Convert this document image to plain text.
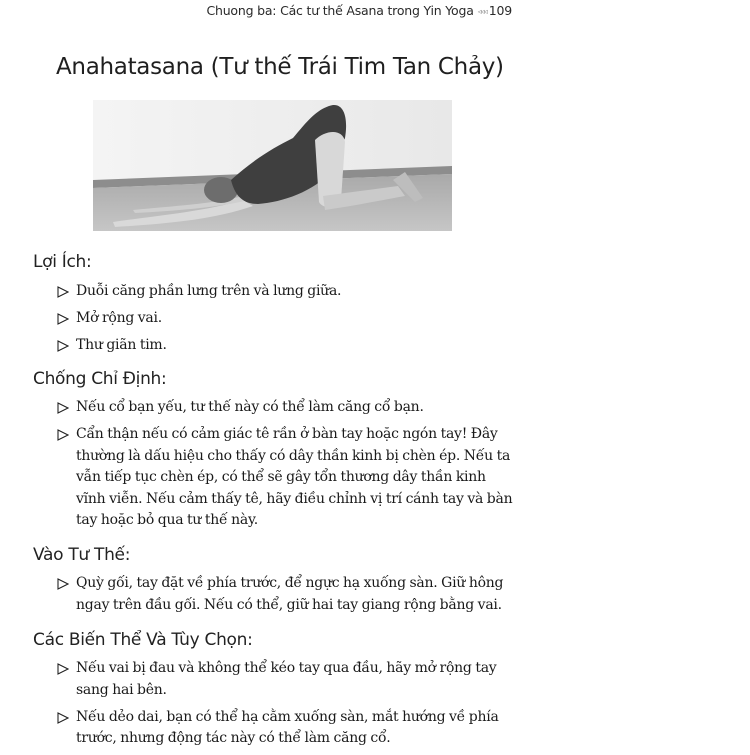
Chuong ba: Các tư thế Asana trong Yin Yoga ◃◃◃ 109
Anahatasana (Tư thế Trái Tim Tan Chảy)
Lợi Ích:
Duỗi căng phần lưng trên và lưng giữa.
Mở rộng vai.
Thư giãn tim.
Chống Chỉ Định:
Nếu cổ bạn yếu, tư thế này có thể làm căng cổ bạn.
Cẩn thận nếu có cảm giác tê rần ở bàn tay hoặc ngón tay! Đây thường là dấu hiệu cho thấy có dây thần kinh bị chèn ép. Nếu ta vẫn tiếp tục chèn ép, có thể sẽ gây tổn thương dây thần kinh vĩnh viễn. Nếu cảm thấy tê, hãy điều chỉnh vị trí cánh tay và bàn tay hoặc bỏ qua tư thế này.
Vào Tư Thế:
Quỳ gối, tay đặt về phía trước, để ngực hạ xuống sàn. Giữ hông ngay trên đầu gối. Nếu có thể, giữ hai tay giang rộng bằng vai.
Các Biến Thể Và Tùy Chọn:
Nếu vai bị đau và không thể kéo tay qua đầu, hãy mở rộng tay sang hai bên.
Nếu dẻo dai, bạn có thể hạ cằm xuống sàn, mắt hướng về phía trước, nhưng động tác này có thể làm căng cổ.
